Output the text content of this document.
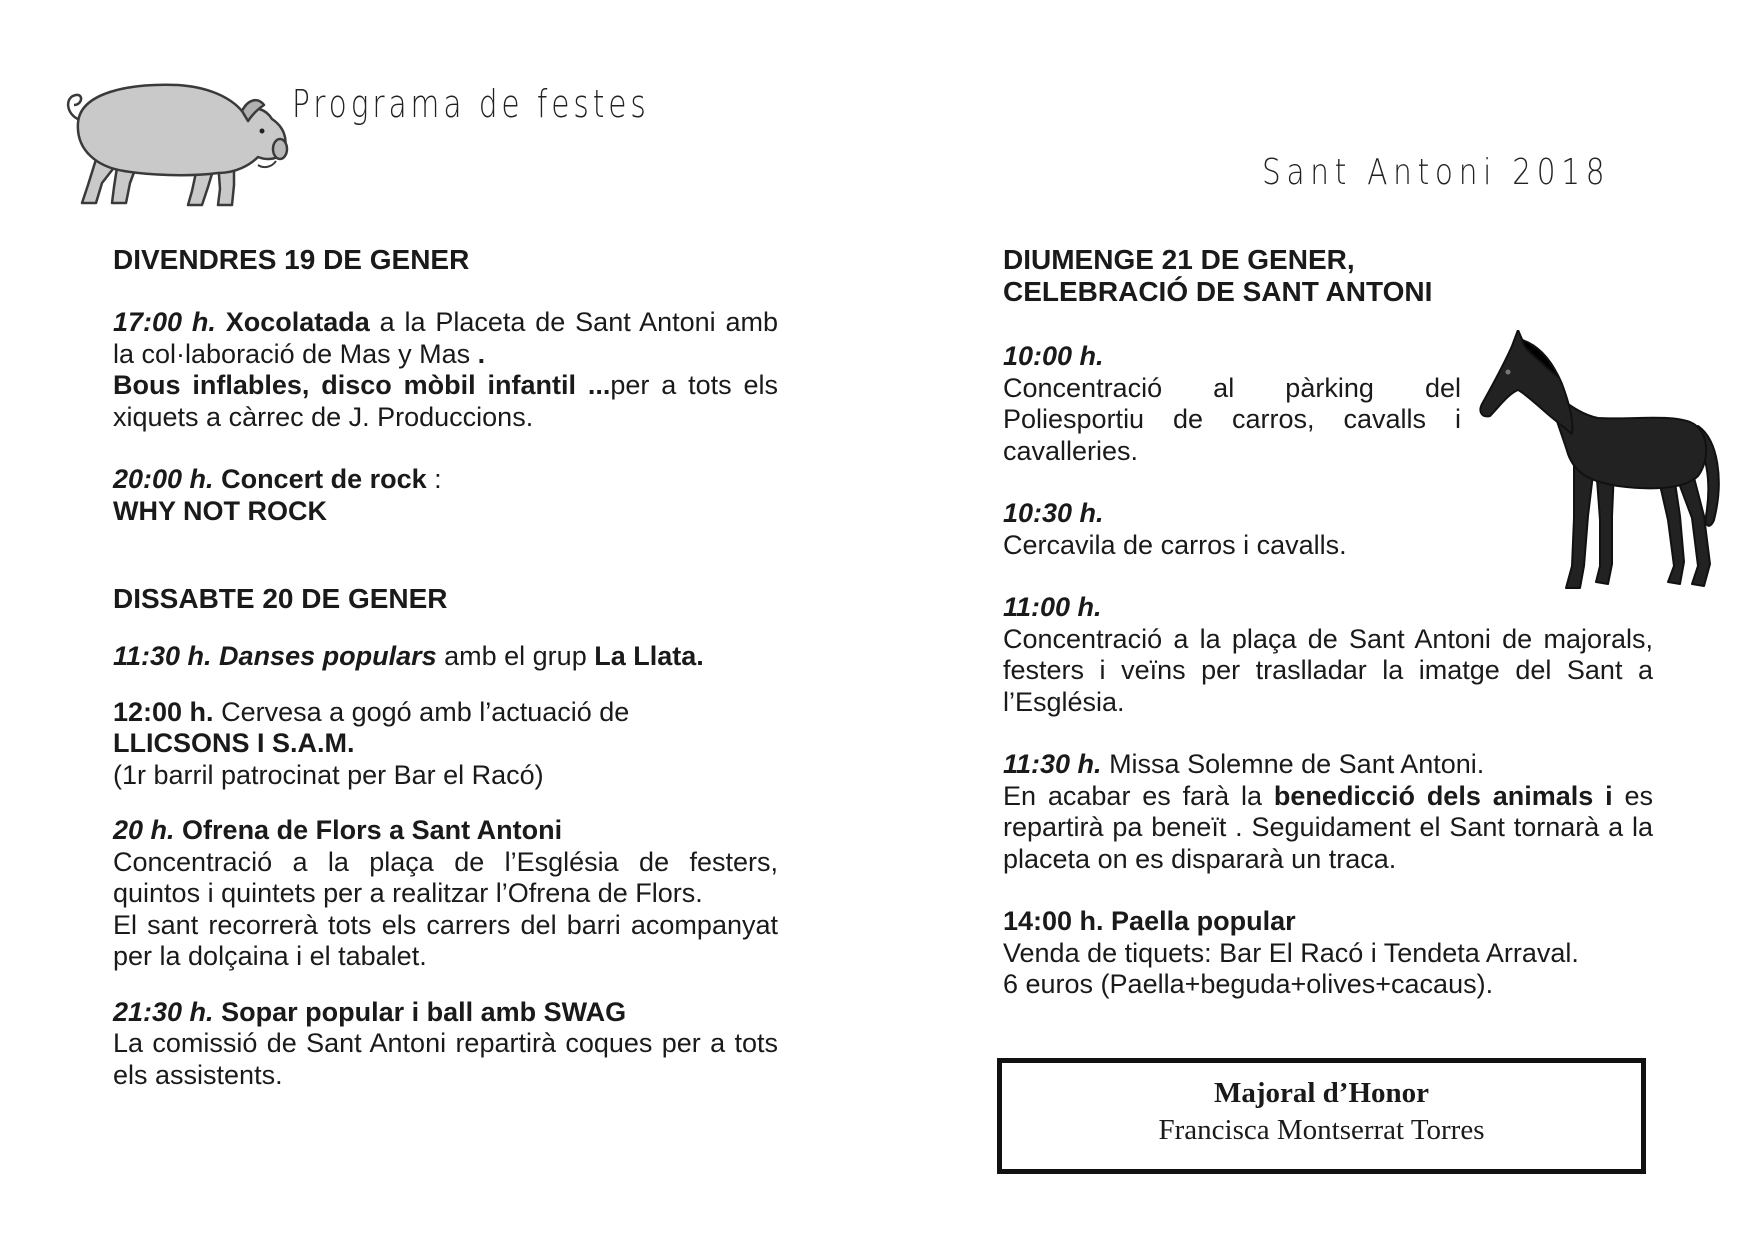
Programa de festes
Sant Antoni 2018
DIVENDRES 19 DE GENER

17:00 h. Xocolatada a la Placeta de Sant Antoni amb la col·laboració de Mas y Mas .
Bous inflables, disco mòbil infantil ...per a tots els xiquets a càrrec de J. Produccions.

20:00 h. Concert de rock :
WHY NOT ROCK

DISSABTE 20 DE GENER

11:30 h. Danses populars amb el grup La Llata.

12:00 h. Cervesa a gogó amb l’actuació de
LLICSONS I S.A.M.
(1r barril patrocinat per Bar el Racó)

20 h. Ofrena de Flors a Sant Antoni
Concentració a la plaça de l’Església de festers, quintos i quintets per a realitzar l’Ofrena de Flors.
El sant recorrerà tots els carrers del barri acompanyat per la dolçaina i el tabalet.

21:30 h. Sopar popular i ball amb SWAG
La comissió de Sant Antoni repartirà coques per a tots els assistents.

DIUMENGE 21 DE GENER,
CELEBRACIÓ DE SANT ANTONI

10:00 h.
Concentració al pàrking del Poliesportiu de carros, cavalls i cavalleries.

10:30 h.
Cercavila de carros i cavalls.

11:00 h.
Concentració a la plaça de Sant Antoni de majorals, festers i veïns per traslladar la imatge del Sant a l’Església.

11:30 h. Missa Solemne de Sant Antoni.
En acabar es farà la benedicció dels animals i es repartirà pa beneït . Seguidament el Sant tornarà a la placeta on es dispararà un traca.

14:00 h. Paella popular
Venda de tiquets: Bar El Racó i Tendeta Arraval.
6 euros (Paella+beguda+olives+cacaus).

Majoral d’Honor
Francisca Montserrat Torres
